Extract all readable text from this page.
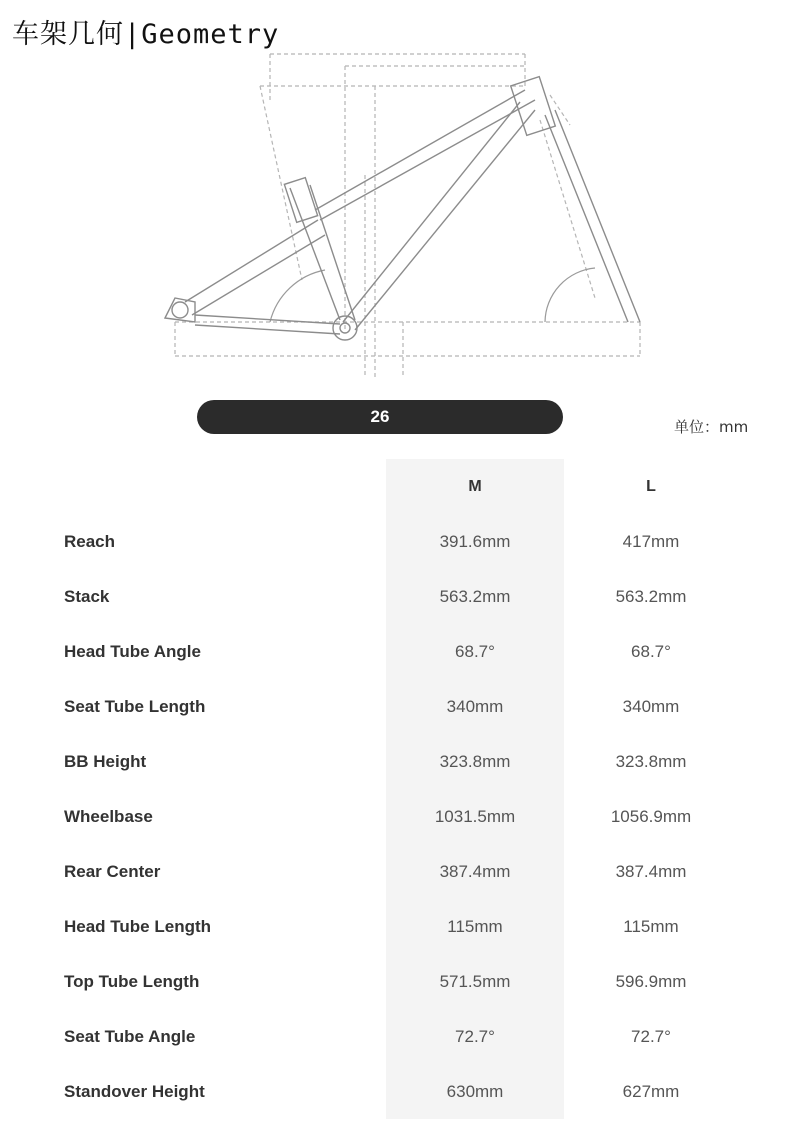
车架几何|Geometry
26
单位：mm
	M	L
Reach	391.6mm	417mm
Stack	563.2mm	563.2mm
Head Tube Angle	68.7°	68.7°
Seat Tube Length	340mm	340mm
BB Height	323.8mm	323.8mm
Wheelbase	1031.5mm	1056.9mm
Rear Center	387.4mm	387.4mm
Head Tube Length	115mm	115mm
Top Tube Length	571.5mm	596.9mm
Seat Tube Angle	72.7°	72.7°
Standover Height	630mm	627mm
